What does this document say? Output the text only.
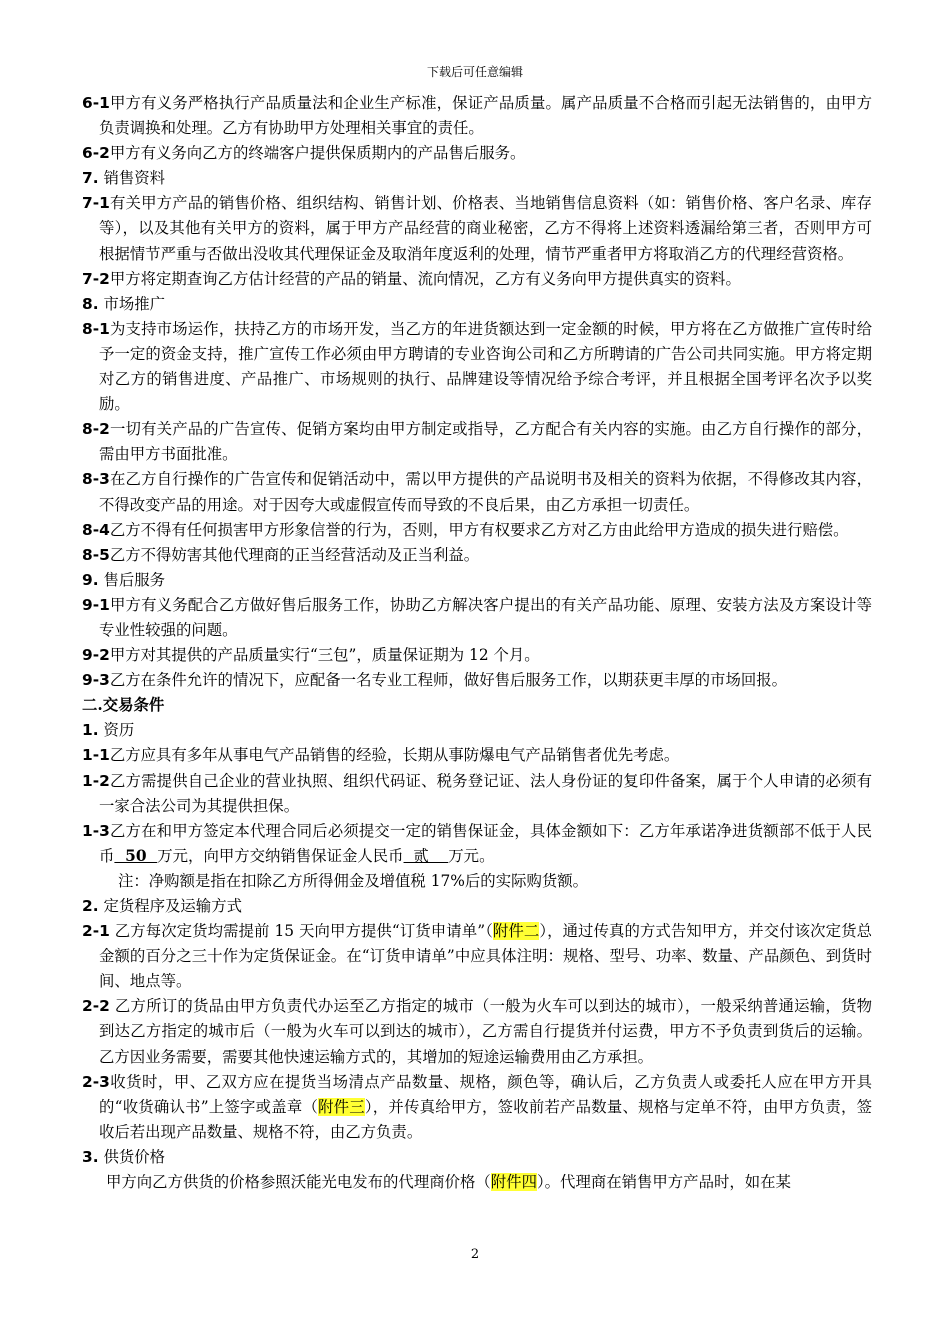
下载后可任意编辑

6-1甲方有义务严格执行产品质量法和企业生产标准，保证产品质量。属产品质量不合格而引起无法销售的，由甲方负责调换和处理。乙方有协助甲方处理相关事宜的责任。

6-2甲方有义务向乙方的终端客户提供保质期内的产品售后服务。

7. 销售资料

7-1有关甲方产品的销售价格、组织结构、销售计划、价格表、当地销售信息资料（如：销售价格、客户名录、库存等），以及其他有关甲方的资料，属于甲方产品经营的商业秘密，乙方不得将上述资料透漏给第三者，否则甲方可根据情节严重与否做出没收其代理保证金及取消年度返利的处理，情节严重者甲方将取消乙方的代理经营资格。

7-2甲方将定期查询乙方估计经营的产品的销量、流向情况，乙方有义务向甲方提供真实的资料。

8. 市场推广

8-1为支持市场运作，扶持乙方的市场开发，当乙方的年进货额达到一定金额的时候，甲方将在乙方做推广宣传时给予一定的资金支持，推广宣传工作必须由甲方聘请的专业咨询公司和乙方所聘请的广告公司共同实施。甲方将定期对乙方的销售进度、产品推广、市场规则的执行、品牌建设等情况给予综合考评，并且根据全国考评名次予以奖励。

8-2一切有关产品的广告宣传、促销方案均由甲方制定或指导，乙方配合有关内容的实施。由乙方自行操作的部分，需由甲方书面批准。

8-3在乙方自行操作的广告宣传和促销活动中，需以甲方提供的产品说明书及相关的资料为依据，不得修改其内容，不得改变产品的用途。对于因夸大或虚假宣传而导致的不良后果，由乙方承担一切责任。

8-4乙方不得有任何损害甲方形象信誉的行为，否则，甲方有权要求乙方对乙方由此给甲方造成的损失进行赔偿。

8-5乙方不得妨害其他代理商的正当经营活动及正当利益。

9. 售后服务

9-1甲方有义务配合乙方做好售后服务工作，协助乙方解决客户提出的有关产品功能、原理、安装方法及方案设计等专业性较强的问题。

9-2甲方对其提供的产品质量实行“三包”，质量保证期为 12 个月。

9-3乙方在条件允许的情况下，应配备一名专业工程师，做好售后服务工作，以期获更丰厚的市场回报。

二.交易条件

1. 资历

1-1乙方应具有多年从事电气产品销售的经验，长期从事防爆电气产品销售者优先考虑。

1-2乙方需提供自己企业的营业执照、组织代码证、税务登记证、法人身份证的复印件备案，属于个人申请的必须有一家合法公司为其提供担保。

1-3乙方在和甲方签定本代理合同后必须提交一定的销售保证金，具体金额如下：乙方年承诺净进货额部不低于人民币  50  万元，向甲方交纳销售保证金人民币  贰    万元。

注：净购额是指在扣除乙方所得佣金及增值税 17%后的实际购货额。

2. 定货程序及运输方式

2-1 乙方每次定货均需提前 15 天向甲方提供“订货申请单”（附件二），通过传真的方式告知甲方，并交付该次定货总金额的百分之三十作为定货保证金。在“订货申请单”中应具体注明：规格、型号、功率、数量、产品颜色、到货时间、地点等。

2-2 乙方所订的货品由甲方负责代办运至乙方指定的城市（一般为火车可以到达的城市），一般采纳普通运输，货物到达乙方指定的城市后（一般为火车可以到达的城市），乙方需自行提货并付运费，甲方不予负责到货后的运输。乙方因业务需要，需要其他快速运输方式的，其增加的短途运输费用由乙方承担。

2-3收货时，甲、乙双方应在提货当场清点产品数量、规格，颜色等，确认后，乙方负责人或委托人应在甲方开具的“收货确认书”上签字或盖章（附件三），并传真给甲方，签收前若产品数量、规格与定单不符，由甲方负责，签收后若出现产品数量、规格不符，由乙方负责。

3. 供货价格

甲方向乙方供货的价格参照沃能光电发布的代理商价格（附件四）。代理商在销售甲方产品时，如在某

2
